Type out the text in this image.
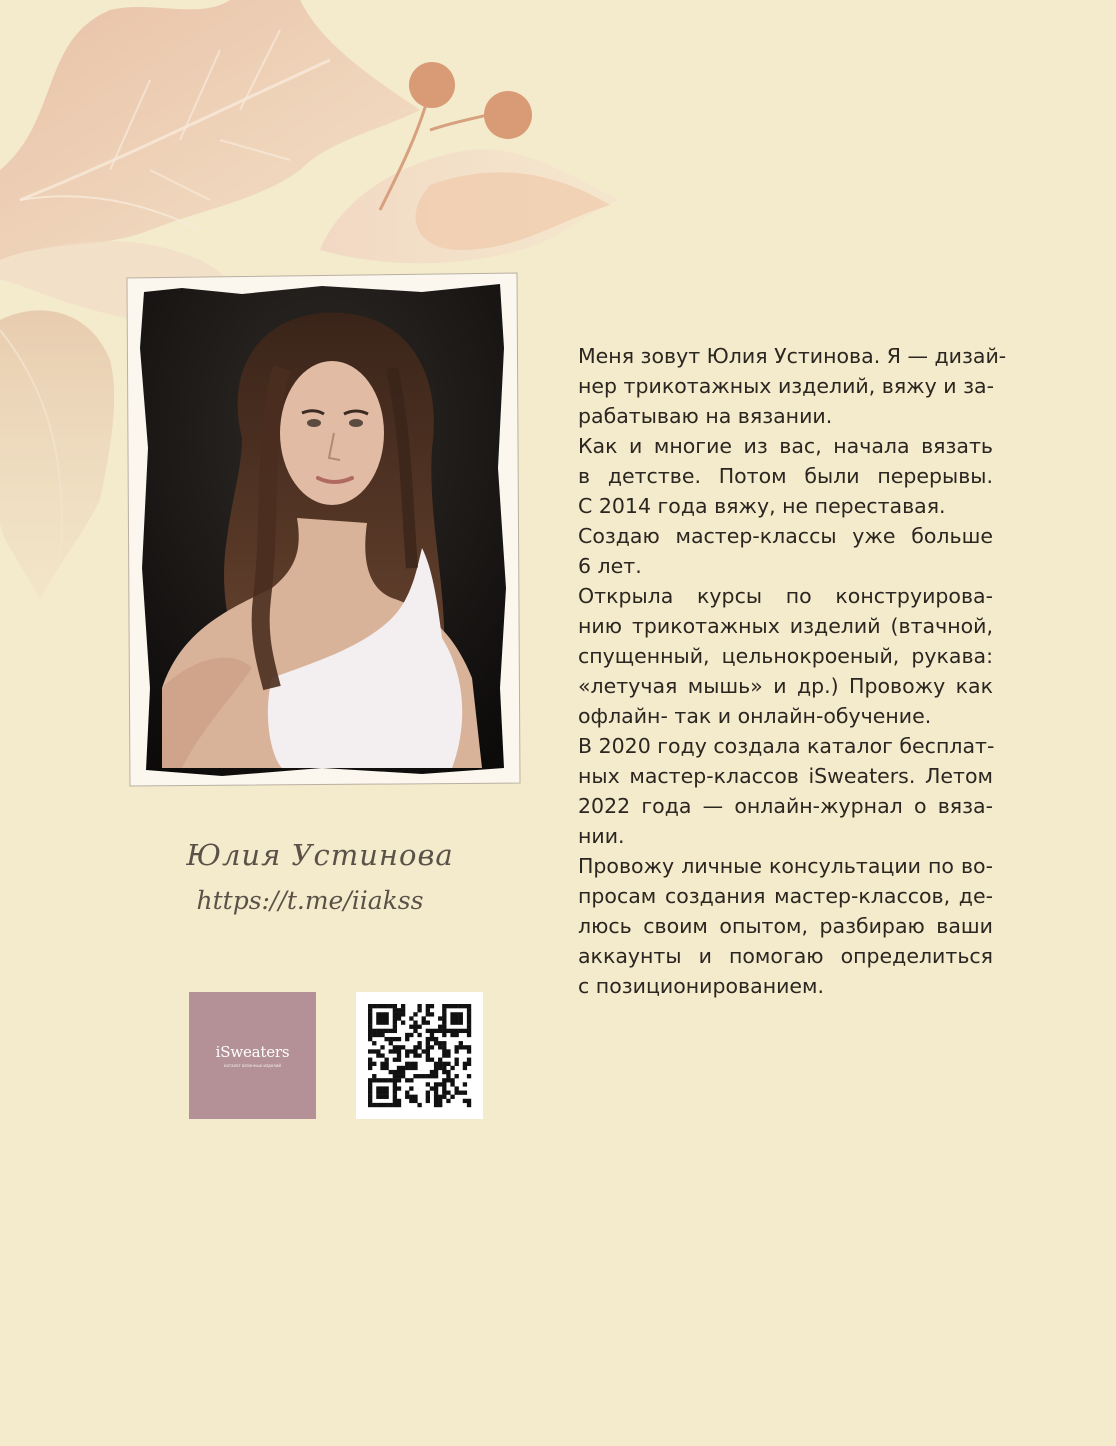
Меня зовут Юлия Устинова. Я — дизай-
нер трикотажных изделий, вяжу и за-
рабатываю на вязании.
Как и многие из вас, начала вязать
в детстве. Потом были перерывы.
С 2014 года вяжу, не переставая.
Создаю мастер-классы уже больше
6 лет.
Открыла курсы по конструирова-
нию трикотажных изделий (втачной,
спущенный, цельнокроеный, рукава:
«летучая мышь» и др.) Провожу как
офлайн- так и онлайн-обучение.
В 2020 году создала каталог бесплат-
ных мастер-классов iSweaters. Летом
2022 года — онлайн-журнал о вяза-
нии.
Провожу личные консультации по во-
просам создания мастер-классов, де-
люсь своим опытом, разбираю ваши
аккаунты и помогаю определиться
с позиционированием.
Юлия Устинова
https://t.me/iiakss
iSweaters
каталог вязанных изделий
